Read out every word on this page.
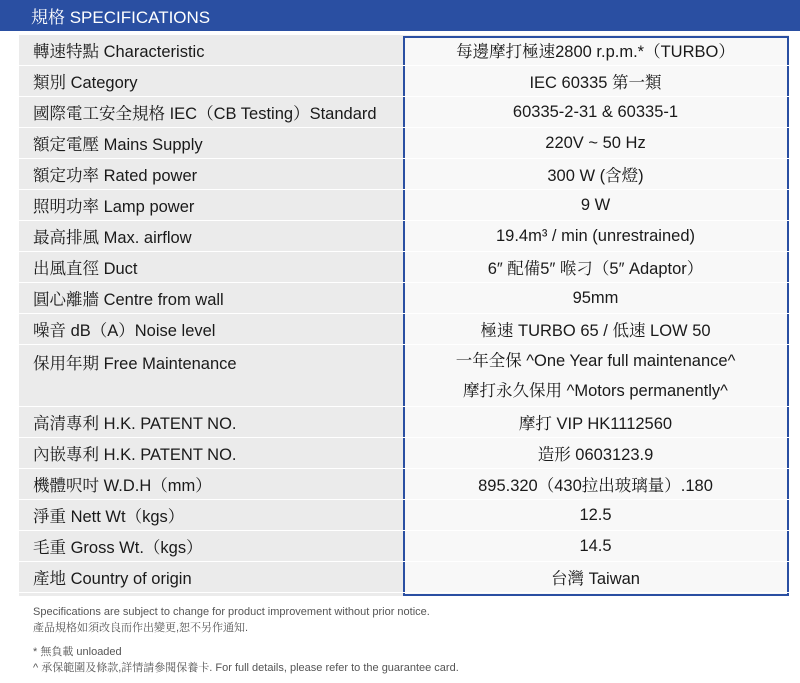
規格 SPECIFICATIONS
轉速特點 Characteristic	每邊摩打極速2800 r.p.m.*（TURBO）
類別 Category	IEC 60335 第一類
國際電工安全規格 IEC（CB Testing）Standard	60335-2-31 & 60335-1
額定電壓 Mains Supply	220V ~ 50 Hz
額定功率 Rated power	300 W (含燈)
照明功率 Lamp power	9 W
最高排風 Max. airflow	19.4m³ / min (unrestrained)
出風直徑 Duct	6″ 配備5″ 喉刁（5″ Adaptor）
圓心離牆 Centre from wall	95mm
噪音 dB（A）Noise level	極速 TURBO 65 / 低速 LOW 50
保用年期 Free Maintenance	一年全保 ^One Year full maintenance^
摩打永久保用 ^Motors permanently^
高清專利 H.K. PATENT NO.	摩打 VIP HK1112560
內嵌專利 H.K. PATENT NO.	造形 0603123.9
機體呎吋 W.D.H（mm）	895.320（430拉出玻璃量）.180
淨重 Nett Wt（kgs）	12.5
毛重 Gross Wt.（kgs）	14.5
產地 Country of origin	台灣 Taiwan
Specifications are subject to change for product improvement without prior notice.
產品規格如須改良而作出變更,恕不另作通知.
* 無負載 unloaded
^ 承保範圍及條款,詳情請參閱保養卡. For full details, please refer to the guarantee card.
